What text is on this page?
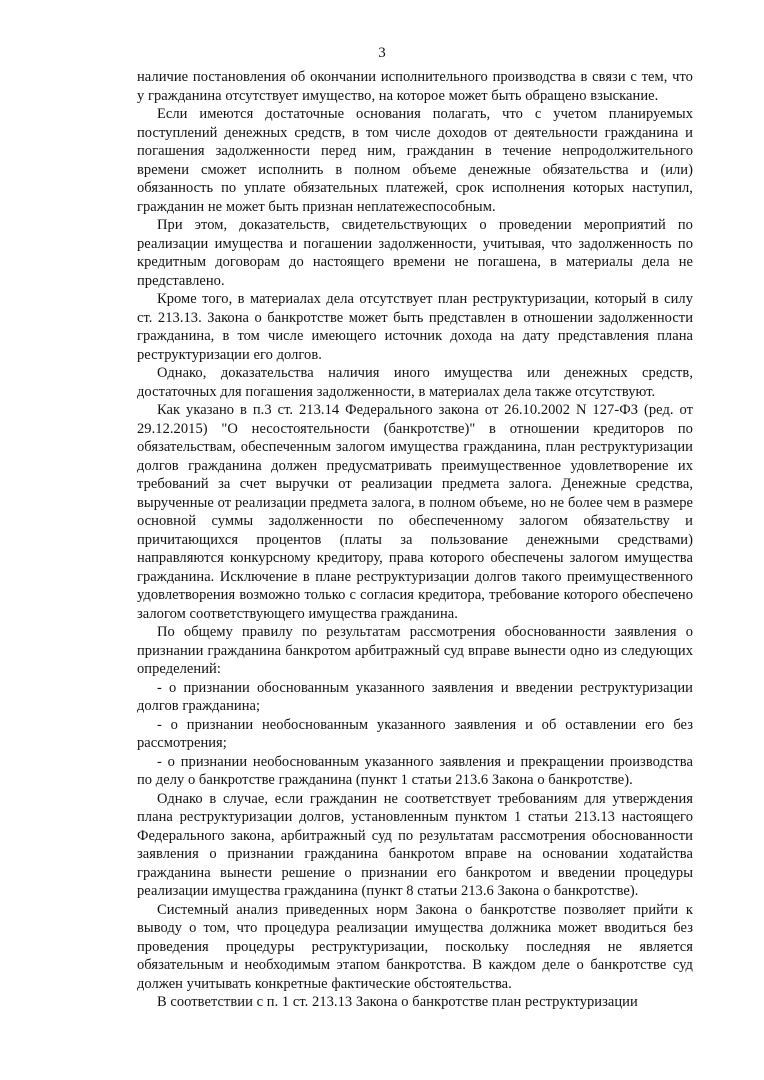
3

наличие постановления об окончании исполнительного производства в связи с тем, что у гражданина отсутствует имущество, на которое может быть обращено взыскание.

Если имеются достаточные основания полагать, что с учетом планируемых поступлений денежных средств, в том числе доходов от деятельности гражданина и погашения задолженности перед ним, гражданин в течение непродолжительного времени сможет исполнить в полном объеме денежные обязательства и (или) обязанность по уплате обязательных платежей, срок исполнения которых наступил, гражданин не может быть признан неплатежеспособным.

При этом, доказательств, свидетельствующих о проведении мероприятий по реализации имущества и погашении задолженности, учитывая, что задолженность по кредитным договорам до настоящего времени не погашена, в материалы дела не представлено.

Кроме того, в материалах дела отсутствует план реструктуризации, который в силу ст. 213.13. Закона о банкротстве может быть представлен в отношении задолженности гражданина, в том числе имеющего источник дохода на дату представления плана реструктуризации его долгов.

Однако, доказательства наличия иного имущества или денежных средств, достаточных для погашения задолженности, в материалах дела также отсутствуют.

Как указано в п.3 ст. 213.14 Федерального закона от 26.10.2002 N 127-ФЗ (ред. от 29.12.2015) "О несостоятельности (банкротстве)" в отношении кредиторов по обязательствам, обеспеченным залогом имущества гражданина, план реструктуризации долгов гражданина должен предусматривать преимущественное удовлетворение их требований за счет выручки от реализации предмета залога. Денежные средства, вырученные от реализации предмета залога, в полном объеме, но не более чем в размере основной суммы задолженности по обеспеченному залогом обязательству и причитающихся процентов (платы за пользование денежными средствами) направляются конкурсному кредитору, права которого обеспечены залогом имущества гражданина. Исключение в плане реструктуризации долгов такого преимущественного удовлетворения возможно только с согласия кредитора, требование которого обеспечено залогом соответствующего имущества гражданина.

По общему правилу по результатам рассмотрения обоснованности заявления о признании гражданина банкротом арбитражный суд вправе вынести одно из следующих определений:

- о признании обоснованным указанного заявления и введении реструктуризации долгов гражданина;

- о признании необоснованным указанного заявления и об оставлении его без рассмотрения;

- о признании необоснованным указанного заявления и прекращении производства по делу о банкротстве гражданина (пункт 1 статьи 213.6 Закона о банкротстве).

Однако в случае, если гражданин не соответствует требованиям для утверждения плана реструктуризации долгов, установленным пунктом 1 статьи 213.13 настоящего Федерального закона, арбитражный суд по результатам рассмотрения обоснованности заявления о признании гражданина банкротом вправе на основании ходатайства гражданина вынести решение о признании его банкротом и введении процедуры реализации имущества гражданина (пункт 8 статьи 213.6 Закона о банкротстве).

Системный анализ приведенных норм Закона о банкротстве позволяет прийти к выводу о том, что процедура реализации имущества должника может вводиться без проведения процедуры реструктуризации, поскольку последняя не является обязательным и необходимым этапом банкротства. В каждом деле о банкротстве суд должен учитывать конкретные фактические обстоятельства.

В соответствии с п. 1 ст. 213.13 Закона о банкротстве план реструктуризации
